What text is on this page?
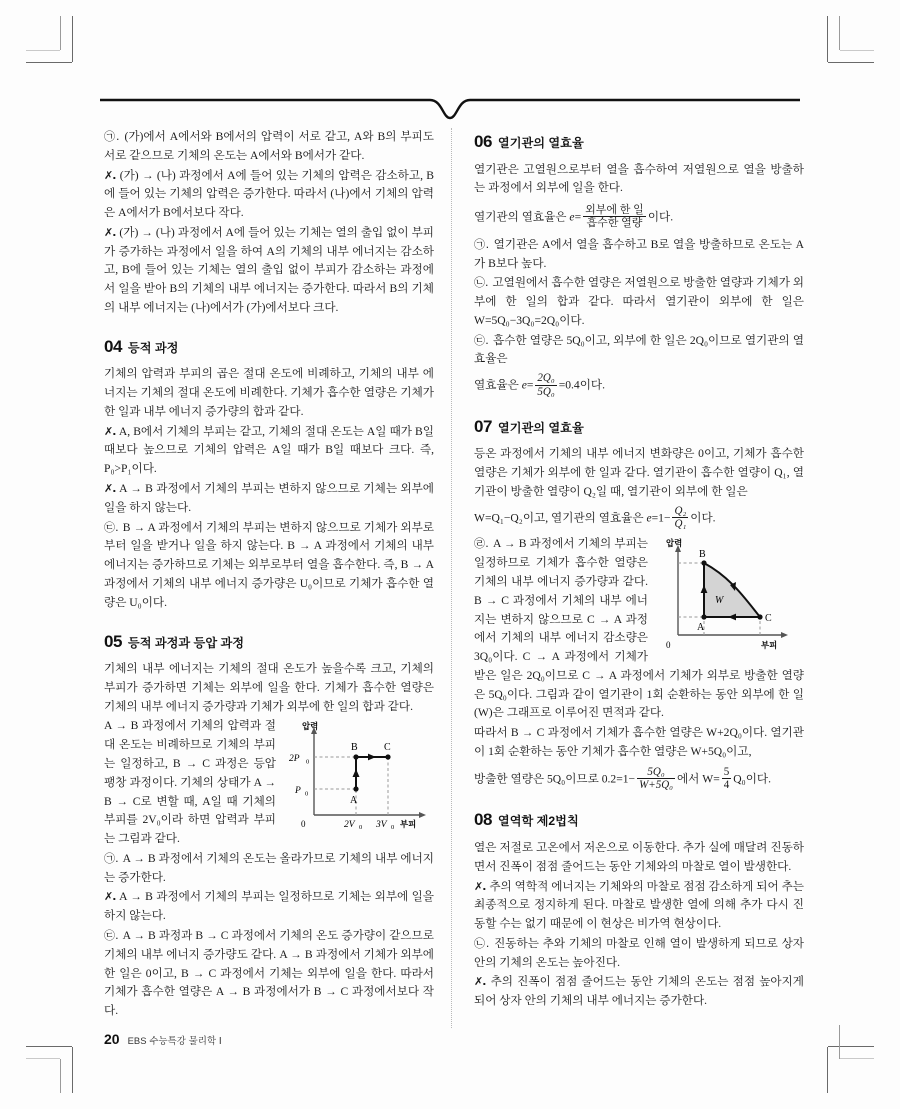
㉠. (가)에서 A에서와 B에서의 압력이 서로 같고, A와 B의 부피도 서로 같으므로 기체의 온도는 A에서와 B에서가 같다.

✗. (가) → (나) 과정에서 A에 들어 있는 기체의 압력은 감소하고, B에 들어 있는 기체의 압력은 증가한다. 따라서 (나)에서 기체의 압력은 A에서가 B에서보다 작다.

✗. (가) → (나) 과정에서 A에 들어 있는 기체는 열의 출입 없이 부피가 증가하는 과정에서 일을 하여 A의 기체의 내부 에너지는 감소하고, B에 들어 있는 기체는 열의 출입 없이 부피가 감소하는 과정에서 일을 받아 B의 기체의 내부 에너지는 증가한다. 따라서 B의 기체의 내부 에너지는 (나)에서가 (가)에서보다 크다.

04 등적 과정

기체의 압력과 부피의 곱은 절대 온도에 비례하고, 기체의 내부 에너지는 기체의 절대 온도에 비례한다. 기체가 흡수한 열량은 기체가 한 일과 내부 에너지 증가량의 합과 같다.

✗. A, B에서 기체의 부피는 같고, 기체의 절대 온도는 A일 때가 B일 때보다 높으므로 기체의 압력은 A일 때가 B일 때보다 크다. 즉, P₀>P₁이다.

✗. A → B 과정에서 기체의 부피는 변하지 않으므로 기체는 외부에 일을 하지 않는다.

㉢. B → A 과정에서 기체의 부피는 변하지 않으므로 기체가 외부로부터 일을 받거나 일을 하지 않는다. B → A 과정에서 기체의 내부 에너지는 증가하므로 기체는 외부로부터 열을 흡수한다. 즉, B → A 과정에서 기체의 내부 에너지 증가량은 U₀이므로 기체가 흡수한 열량은 U₀이다.

05 등적 과정과 등압 과정

기체의 내부 에너지는 기체의 절대 온도가 높을수록 크고, 기체의 부피가 증가하면 기체는 외부에 일을 한다. 기체가 흡수한 열량은 기체의 내부 에너지 증가량과 기체가 외부에 한 일의 합과 같다.

A
B	C
2P 0
P 0
0	2V 0 3V 0 부피
압력

A → B 과정에서 기체의 압력과 절대 온도는 비례하므로 기체의 부피는 일정하고, B → C 과정은 등압 팽창 과정이다. 기체의 상태가 A → B → C로 변할 때, A일 때 기체의 부피를 2V₀이라 하면 압력과 부피는 그림과 같다.

㉠. A → B 과정에서 기체의 온도는 올라가므로 기체의 내부 에너지는 증가한다.

✗. A → B 과정에서 기체의 부피는 일정하므로 기체는 외부에 일을 하지 않는다.

㉢. A → B 과정과 B → C 과정에서 기체의 온도 증가량이 같으므로 기체의 내부 에너지 증가량도 같다. A → B 과정에서 기체가 외부에 한 일은 0이고, B → C 과정에서 기체는 외부에 일을 한다. 따라서 기체가 흡수한 열량은 A → B 과정에서가 B → C 과정에서보다 작다.

06 열기관의 열효율

열기관은 고열원으로부터 열을 흡수하여 저열원으로 열을 방출하는 과정에서 외부에 일을 한다.

열기관의 열효율은 $e= \frac{\text{외부에 한 일}}{\text{흡수한 열량}}$ 이다.

㉠. 열기관은 A에서 열을 흡수하고 B로 열을 방출하므로 온도는 A가 B보다 높다.

㉡. 고열원에서 흡수한 열량은 저열원으로 방출한 열량과 기체가 외부에 한 일의 합과 같다. 따라서 열기관이 외부에 한 일은 W=5Q₀−3Q₀=2Q₀이다.

㉢. 흡수한 열량은 5Q₀이고, 외부에 한 일은 2Q₀이므로 열기관의 열효율은

열효율은 $e= \frac{\text{2Q₀}}{\text{5Q₀}} =0.4$이다.

07 열기관의 열효율

등온 과정에서 기체의 내부 에너지 변화량은 0이고, 기체가 흡수한 열량은 기체가 외부에 한 일과 같다. 열기관이 흡수한 열량이 Q₁, 열기관이 방출한 열량이 Q₂일 때, 열기관이 외부에 한 일은

W=Q₁−Q₂이고, 열기관의 열효율은 $e=1- \frac{\text{Q₂}}{\text{Q₁}}$ 이다.

A
B
C
W
0	부피
압력

㉣. A → B 과정에서 기체의 부피는 일정하므로 기체가 흡수한 열량은 기체의 내부 에너지 증가량과 같다. B → C 과정에서 기체의 내부 에너지는 변하지 않으므로 C → A 과정에서 기체의 내부 에너지 감소량은 3Q₀이다. C → A 과정에서 기체가 받은 일은 2Q₀이므로 C → A 과정에서 기체가 외부로 방출한 열량은 5Q₀이다. 그림과 같이 열기관이 1회 순환하는 동안 외부에 한 일(W)은 그래프로 이루어진 면적과 같다.

따라서 B → C 과정에서 기체가 흡수한 열량은 W+2Q₀이다. 열기관이 1회 순환하는 동안 기체가 흡수한 열량은 W+5Q₀이고,

방출한 열량은 5Q₀이므로 $0.2=1- \frac{\text{5Q₀}}{\text{W+5Q₀}}$ 에서 $W= \frac{5}{4} Q_0$이다.

08 열역학 제2법칙

열은 저절로 고온에서 저온으로 이동한다. 추가 실에 매달려 진동하면서 진폭이 점점 줄어드는 동안 기체와의 마찰로 열이 발생한다.

✗. 추의 역학적 에너지는 기체와의 마찰로 점점 감소하게 되어 추는 최종적으로 정지하게 된다. 마찰로 발생한 열에 의해 추가 다시 진동할 수는 없기 때문에 이 현상은 비가역 현상이다.

㉡. 진동하는 추와 기체의 마찰로 인해 열이 발생하게 되므로 상자 안의 기체의 온도는 높아진다.

✗. 추의 진폭이 점점 줄어드는 동안 기체의 온도는 점점 높아지게 되어 상자 안의 기체의 내부 에너지는 증가한다.

20 EBS 수능특강 물리학 Ⅰ
